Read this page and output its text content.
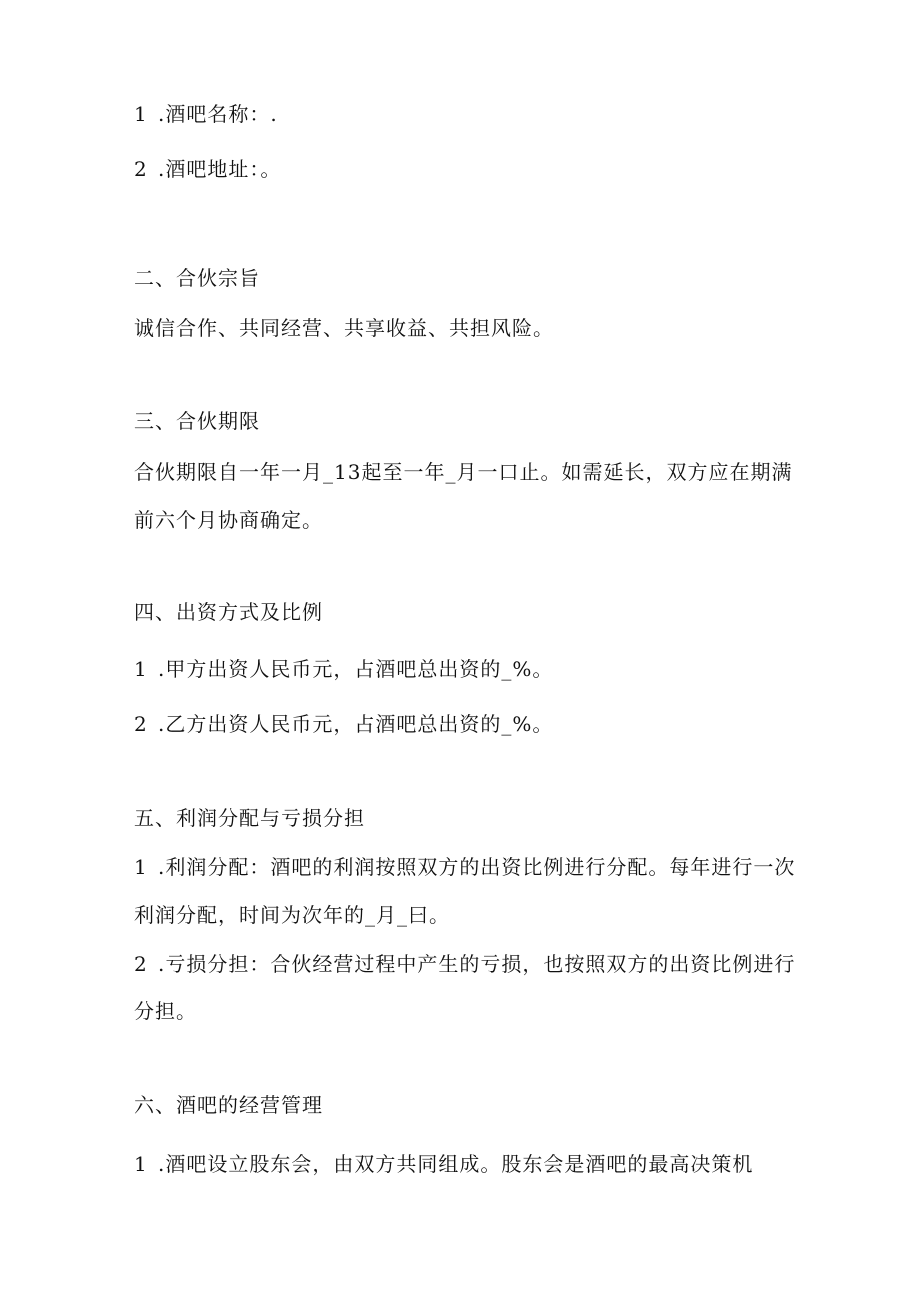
1 .酒吧名称：.
2 .酒吧地址：。
二、合伙宗旨
诚信合作、共同经营、共享收益、共担风险。
三、合伙期限
合伙期限自一年一月_13起至一年_月一口止。如需延长，双方应在期满
前六个月协商确定。
四、出资方式及比例
1 .甲方出资人民币元，占酒吧总出资的_%。
2 .乙方出资人民币元，占酒吧总出资的_%。
五、利润分配与亏损分担
1 .利润分配：酒吧的利润按照双方的出资比例进行分配。每年进行一次
利润分配，时间为次年的_月_曰。
2 .亏损分担：合伙经营过程中产生的亏损，也按照双方的出资比例进行
分担。
六、酒吧的经营管理
1 .酒吧设立股东会，由双方共同组成。股东会是酒吧的最高决策机
